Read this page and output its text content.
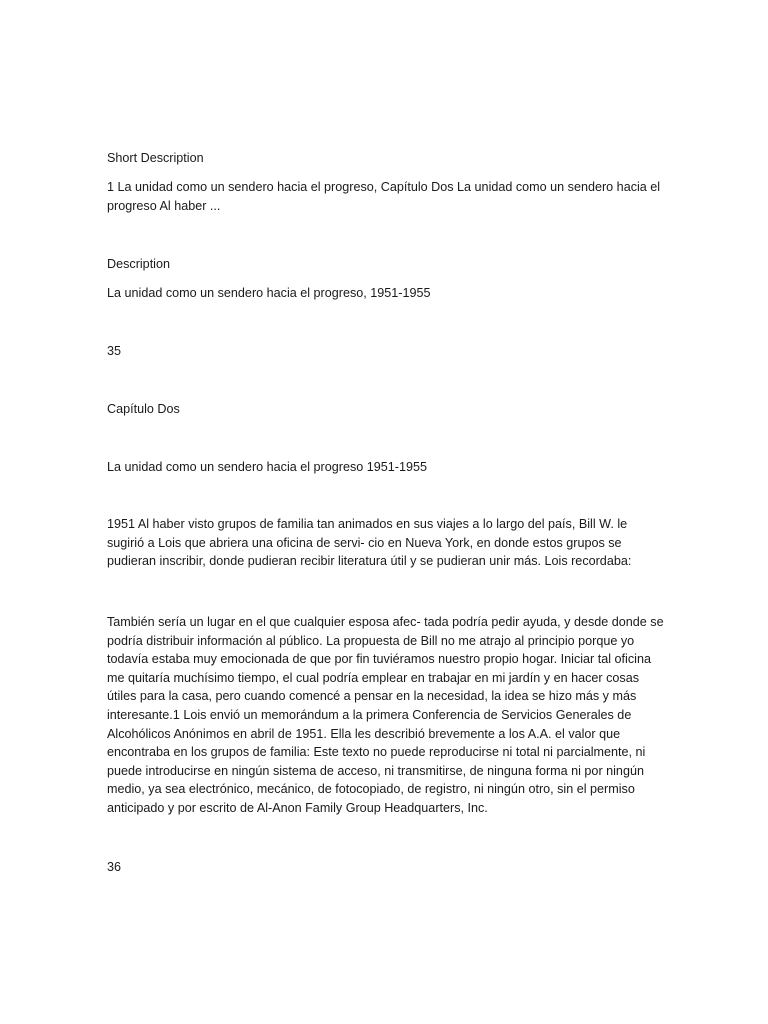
Short Description

1 La unidad como un sendero hacia el progreso, Capítulo Dos La unidad como un sendero hacia el progreso Al haber ...

Description

La unidad como un sendero hacia el progreso, 1951-1955

35

Capítulo Dos

La unidad como un sendero hacia el progreso 1951-1955

1951 Al haber visto grupos de familia tan animados en sus viajes a lo largo del país, Bill W. le sugirió a Lois que abriera una oficina de servi- cio en Nueva York, en donde estos grupos se pudieran inscribir, donde pudieran recibir literatura útil y se pudieran unir más. Lois recordaba:

También sería un lugar en el que cualquier esposa afec- tada podría pedir ayuda, y desde donde se podría distribuir información al público. La propuesta de Bill no me atrajo al principio porque yo todavía estaba muy emocionada de que por fin tuviéramos nuestro propio hogar. Iniciar tal oficina me quitaría muchísimo tiempo, el cual podría emplear en trabajar en mi jardín y en hacer cosas útiles para la casa, pero cuando comencé a pensar en la necesidad, la idea se hizo más y más interesante.1 Lois envió un memorándum a la primera Conferencia de Servicios Generales de Alcohólicos Anónimos en abril de 1951. Ella les describió brevemente a los A.A. el valor que encontraba en los grupos de familia: Este texto no puede reproducirse ni total ni parcialmente, ni puede introducirse en ningún sistema de acceso, ni transmitirse, de ninguna forma ni por ningún medio, ya sea electrónico, mecánico, de fotocopiado, de registro, ni ningún otro, sin el permiso anticipado y por escrito de Al-Anon Family Group Headquarters, Inc.

36
